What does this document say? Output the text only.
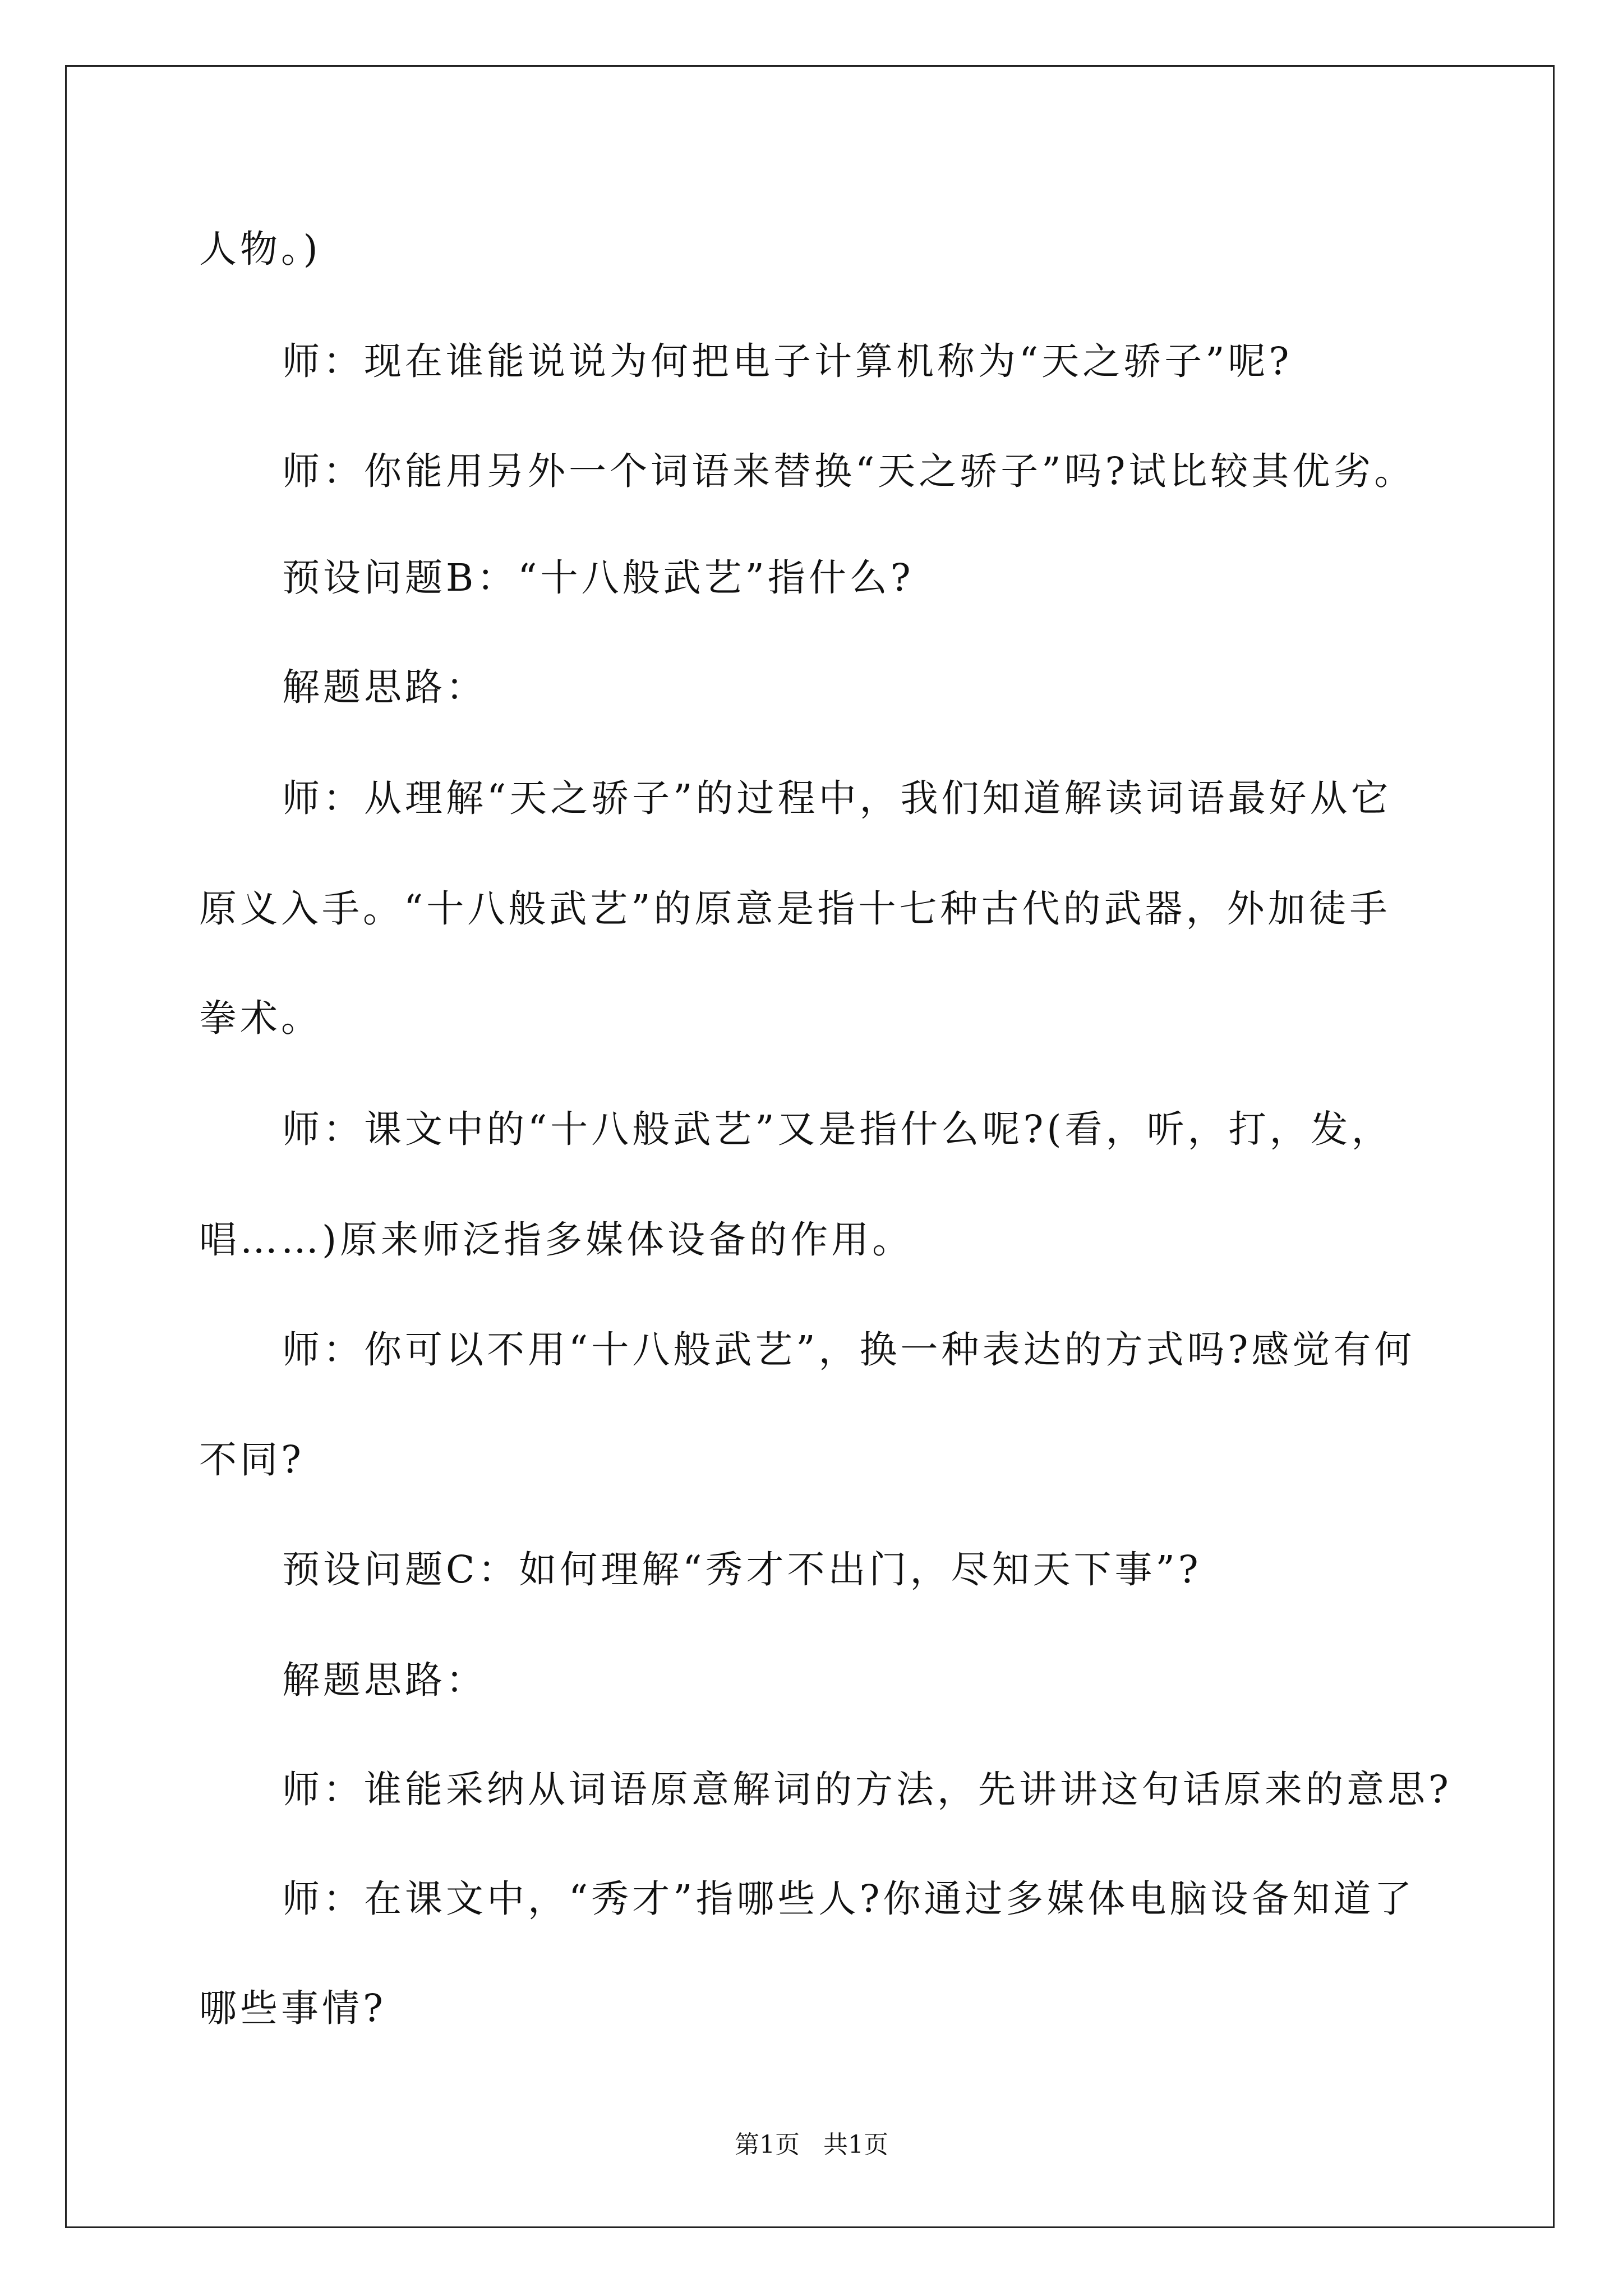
人物。)
师：现在谁能说说为何把电子计算机称为“天之骄子”呢?
师：你能用另外一个词语来替换“天之骄子”吗?试比较其优劣。
预设问题B：“十八般武艺”指什么?
解题思路：
师：从理解“天之骄子”的过程中，我们知道解读词语最好从它
原义入手。“十八般武艺”的原意是指十七种古代的武器，外加徒手
拳术。
师：课文中的“十八般武艺”又是指什么呢?(看，听，打，发，
唱……)原来师泛指多媒体设备的作用。
师：你可以不用“十八般武艺”，换一种表达的方式吗?感觉有何
不同?
预设问题C：如何理解“秀才不出门，尽知天下事”?
解题思路：
师：谁能采纳从词语原意解词的方法，先讲讲这句话原来的意思?
师：在课文中，“秀才”指哪些人?你通过多媒体电脑设备知道了
哪些事情?
第1页 共1页
